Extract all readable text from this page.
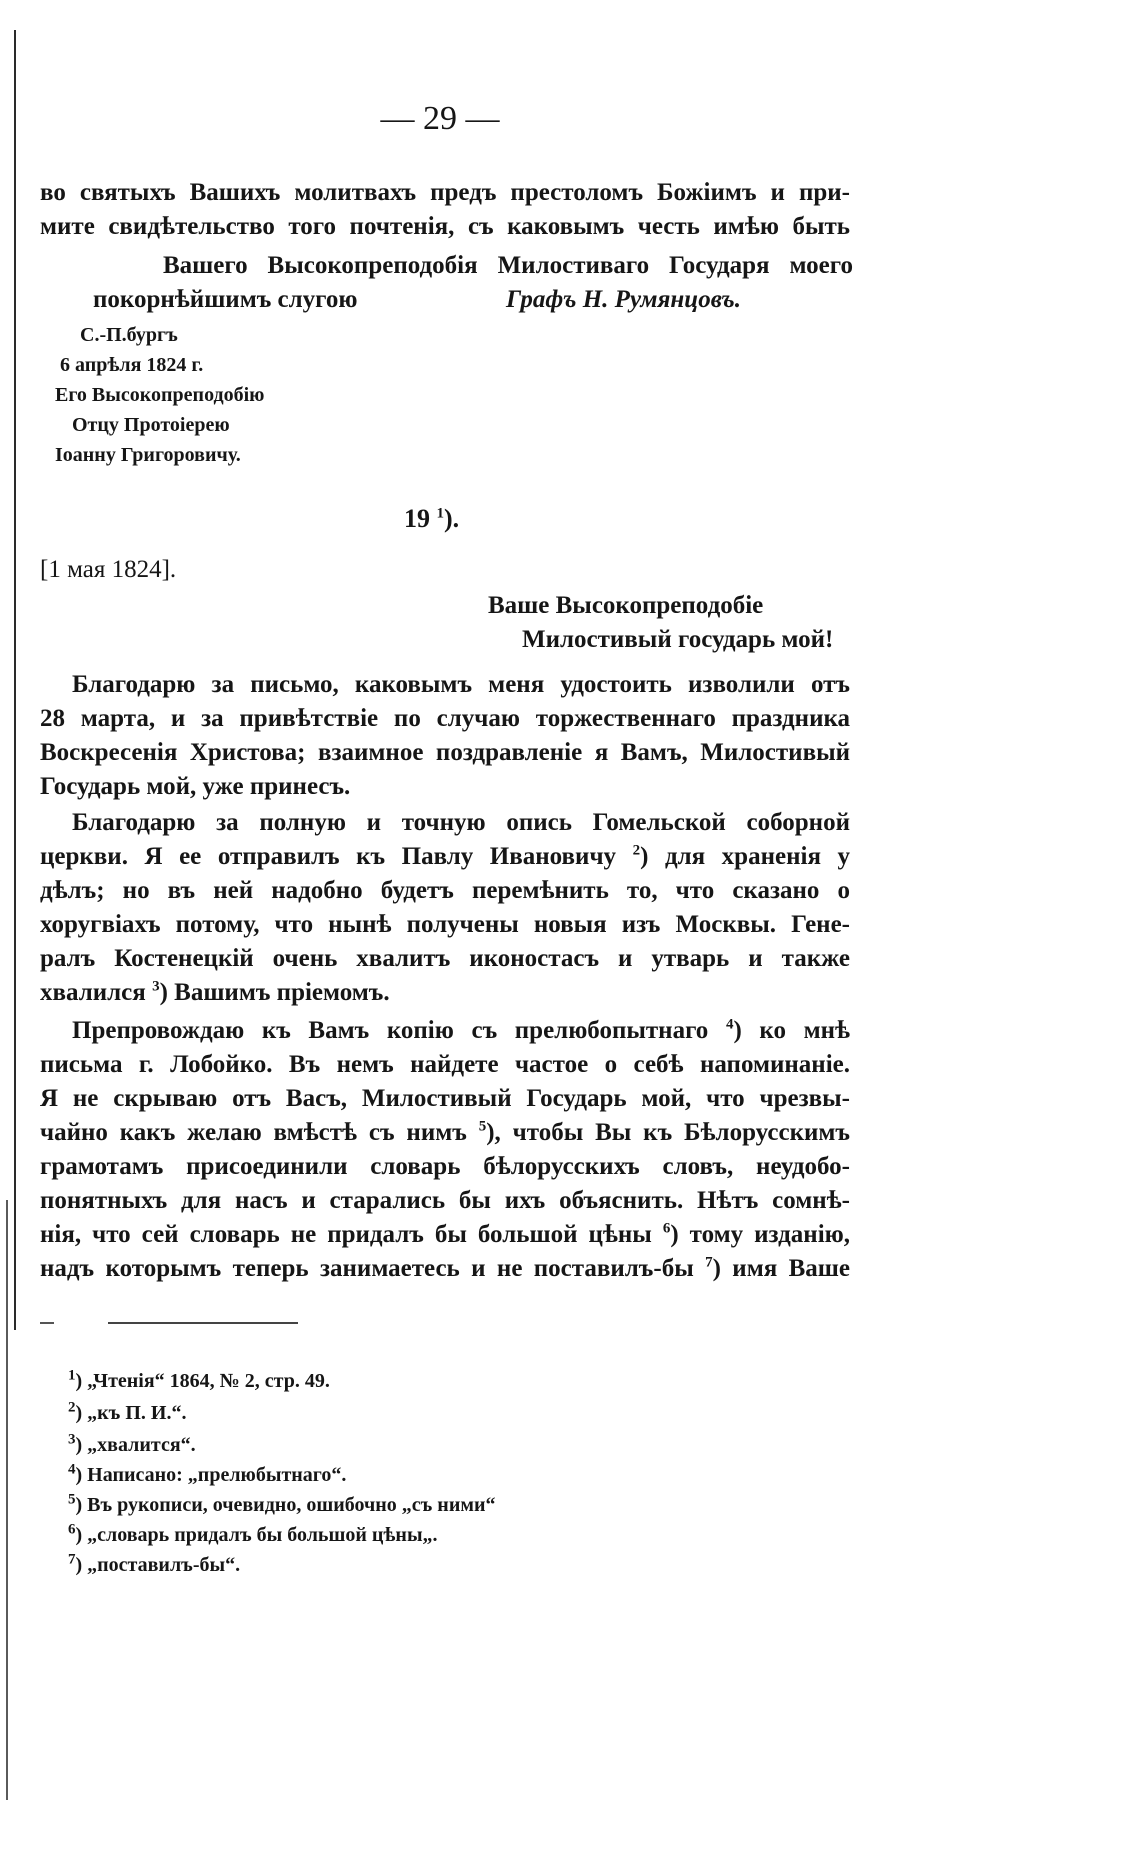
— 29 —
во святыхъ Вашихъ молитвахъ предъ престоломъ Божіимъ и при-
мите свидѣтельство того почтенія, съ каковымъ честь имѣю быть
Вашего Высокопреподобія Милостиваго Государя моего
покорнѣйшимъ слугою	Графъ Н. Румянцовъ.
С.-П.бургъ
6 апрѣля 1824 г.
Его Высокопреподобію
Отцу Протоіерею
Іоанну Григоровичу.
19 $^1$).
[1 мая 1824].
Ваше Высокопреподобіе
Милостивый государь мой!
Благодарю за письмо, каковымъ меня удостоить изволили отъ
28 марта, и за привѣтствіе по случаю торжественнаго праздника
Воскресенія Христова; взаимное поздравленіе я Вамъ, Милостивый
Государь мой, уже принесъ.
Благодарю за полную и точную опись Гомельской соборной
церкви. Я ее отправилъ къ Павлу Ивановичу $^2$) для храненія у
дѣлъ; но въ ней надобно будетъ перемѣнить то, что сказано о
хоругвіахъ потому, что нынѣ получены новыя изъ Москвы. Гене-
ралъ Костенецкій очень хвалитъ иконостасъ и утварь и также
хвалился $^3$) Вашимъ пріемомъ.
Препровождаю къ Вамъ копію съ прелюбопытнаго $^4$) ко мнѣ
письма г. Лобойко. Въ немъ найдете частое о себѣ напоминаніе.
Я не скрываю отъ Васъ, Милостивый Государь мой, что чрезвы-
чайно какъ желаю вмѣстѣ съ нимъ $^5$), чтобы Вы къ Бѣлорусскимъ
грамотамъ присоединили словарь бѣлорусскихъ словъ, неудобо-
понятныхъ для насъ и старались бы ихъ объяснить. Нѣтъ сомнѣ-
нія, что сей словарь не придалъ бы большой цѣны $^6$) тому изданію,
надъ которымъ теперь занимаетесь и не поставилъ-бы $^7$) имя Ваше
$^1$) „Чтенія“ 1864, № 2, стр. 49.
$^2$) „къ П. И.“.
$^3$) „хвалится“.
$^4$) Написано: „прелюбытнаго“.
$^5$) Въ рукописи, очевидно, ошибочно „съ ними“
$^6$) „словарь придалъ бы большой цѣны„.
$^7$) „поставилъ-бы“.
